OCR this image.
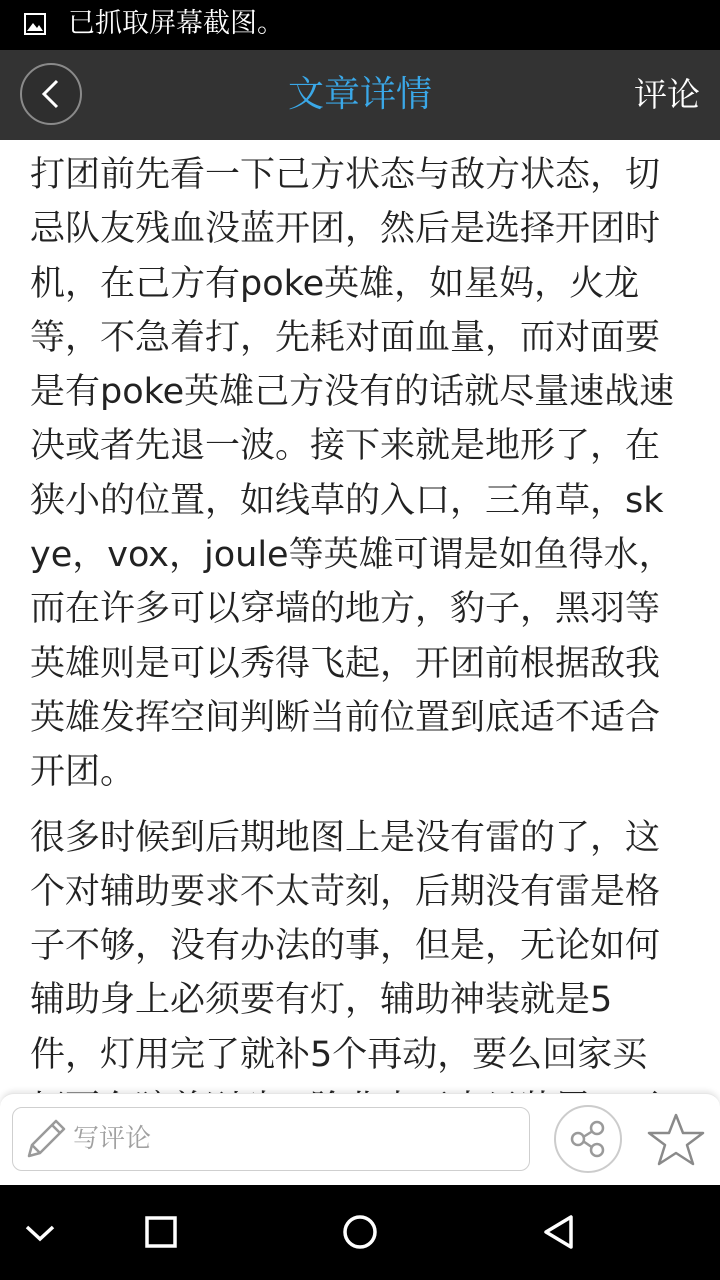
已抓取屏幕截图。
文章详情	评论

打团前先看一下己方状态与敌方状态，切忌队友残血没蓝开团，然后是选择开团时机，在己方有poke英雄，如星妈，火龙等，不急着打，先耗对面血量，而对面要是有poke英雄己方没有的话就尽量速战速决或者先退一波。接下来就是地形了，在狭小的位置，如线草的入口，三角草，skye，vox，joule等英雄可谓是如鱼得水，而在许多可以穿墙的地方，豹子，黑羽等英雄则是可以秀得飞起，开团前根据敌我英雄发挥空间判断当前位置到底适不适合开团。

很多时候到后期地图上是没有雷的了，这个对辅助要求不太苛刻，后期没有雷是格子不够，没有办法的事，但是，无论如何辅助身上必须要有灯，辅助神装就是5件，灯用完了就补5个再动，要么回家买

写评论
